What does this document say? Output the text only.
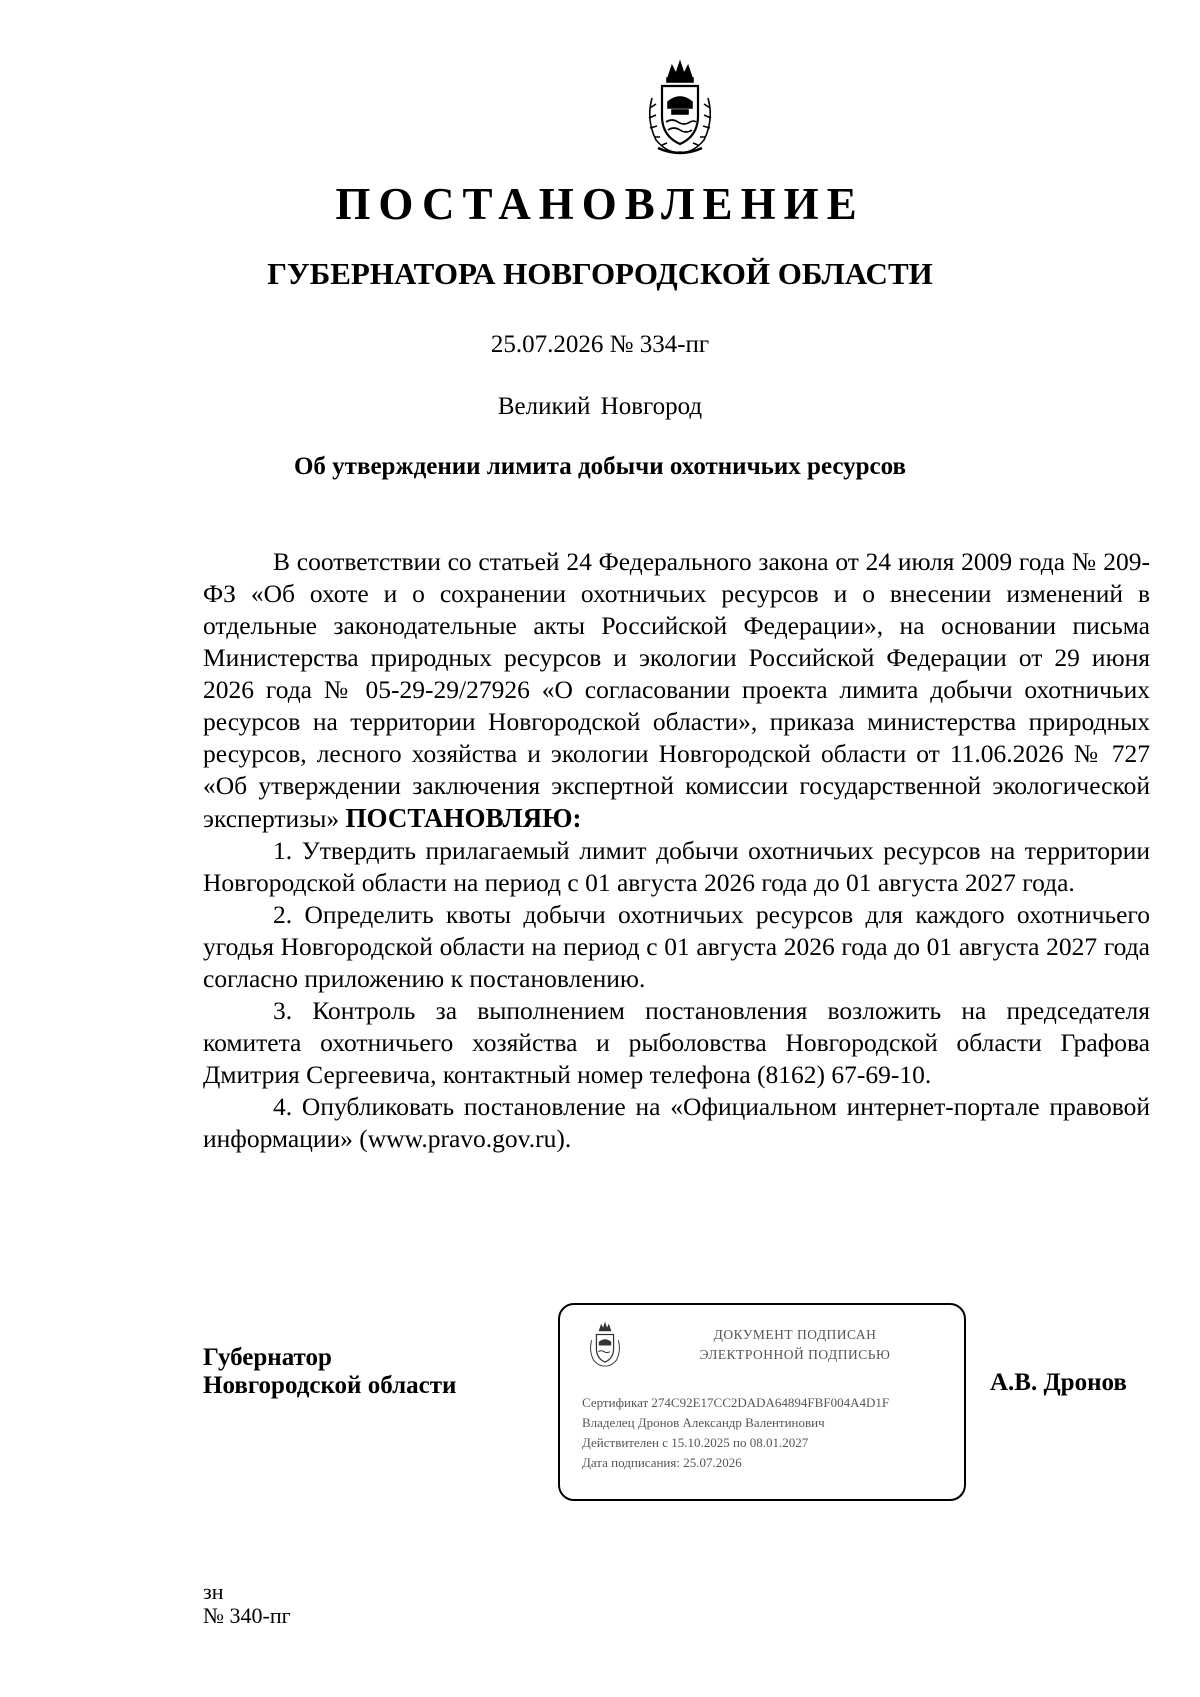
ПОСТАНОВЛЕНИЕ
ГУБЕРНАТОРА НОВГОРОДСКОЙ ОБЛАСТИ
25.07.2026 № 334-пг
Великий Новгород
Об утверждении лимита добычи охотничьих ресурсов

В соответствии со статьей 24 Федерального закона от 24 июля 2009 года № 209-ФЗ «Об охоте и о сохранении охотничьих ресурсов и о внесении изменений в отдельные законодательные акты Российской Федерации», на основании письма Министерства природных ресурсов и экологии Российской Федерации от 29 июня 2026 года № 05-29-29/27926 «О согласовании проекта лимита добычи охотничьих ресурсов на территории Новгородской области», приказа министерства природных ресурсов, лесного хозяйства и экологии Новгородской области от 11.06.2026 № 727 «Об утверждении заключения экспертной комиссии государственной экологической экспертизы» ПОСТАНОВЛЯЮ:

1. Утвердить прилагаемый лимит добычи охотничьих ресурсов на территории Новгородской области на период с 01 августа 2026 года до 01 августа 2027 года.

2. Определить квоты добычи охотничьих ресурсов для каждого охотничьего угодья Новгородской области на период с 01 августа 2026 года до 01 августа 2027 года согласно приложению к постановлению.

3. Контроль за выполнением постановления возложить на председателя комитета охотничьего хозяйства и рыболовства Новгородской области Графова Дмитрия Сергеевича, контактный номер телефона (8162) 67-69-10.

4. Опубликовать постановление на «Официальном интернет-портале правовой информации» (www.pravo.gov.ru).

Губернатор
Новгородской области
ДОКУМЕНТ ПОДПИСАН
ЭЛЕКТРОННОЙ ПОДПИСЬЮ
Сертификат 274C92E17CC2DADA64894FBF004A4D1F
Владелец Дронов Александр Валентинович
Действителен с 15.10.2025 по 08.01.2027
Дата подписания: 25.07.2026
А.В. Дронов
зн
№ 340-пг
